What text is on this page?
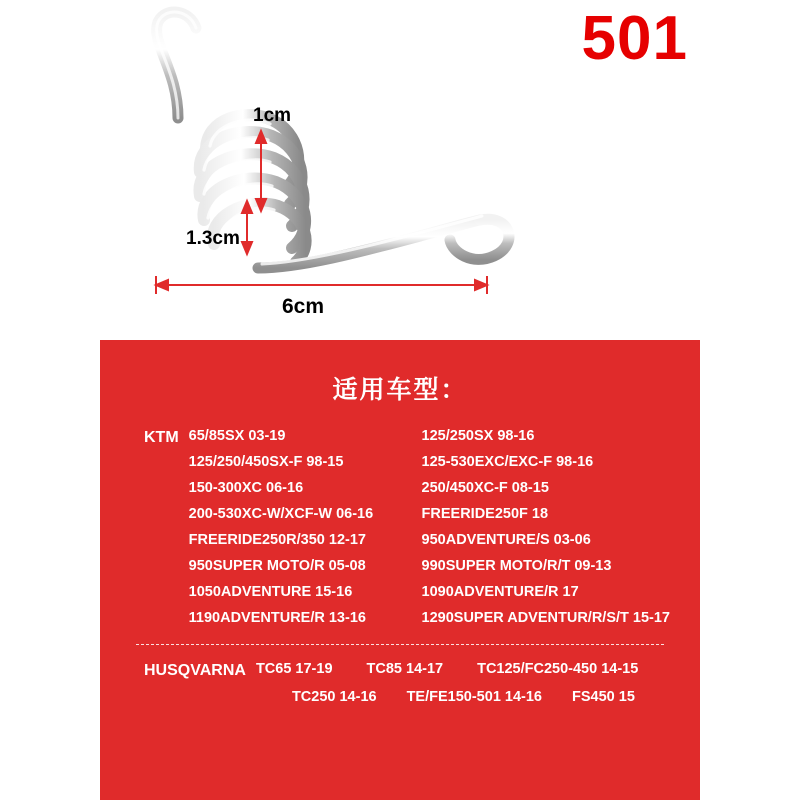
501
1cm
1.3cm
6cm
适用车型：
KTM 65/85SX 03-19	125/250SX 98-16
125/250/450SX-F 98-15	125-530EXC/EXC-F 98-16
150-300XC 06-16	250/450XC-F 08-15
200-530XC-W/XCF-W 06-16	FREERIDE250F 18
FREERIDE250R/350 12-17	950ADVENTURE/S 03-06
950SUPER MOTO/R 05-08	990SUPER MOTO/R/T 09-13
1050ADVENTURE 15-16	1090ADVENTURE/R 17
1190ADVENTURE/R 13-16	1290SUPER ADVENTUR/R/S/T 15-17
HUSQVARNA TC65 17-19 TC85 14-17 TC125/FC250-450 14-15
TC250 14-16 TE/FE150-501 14-16 FS450 15
